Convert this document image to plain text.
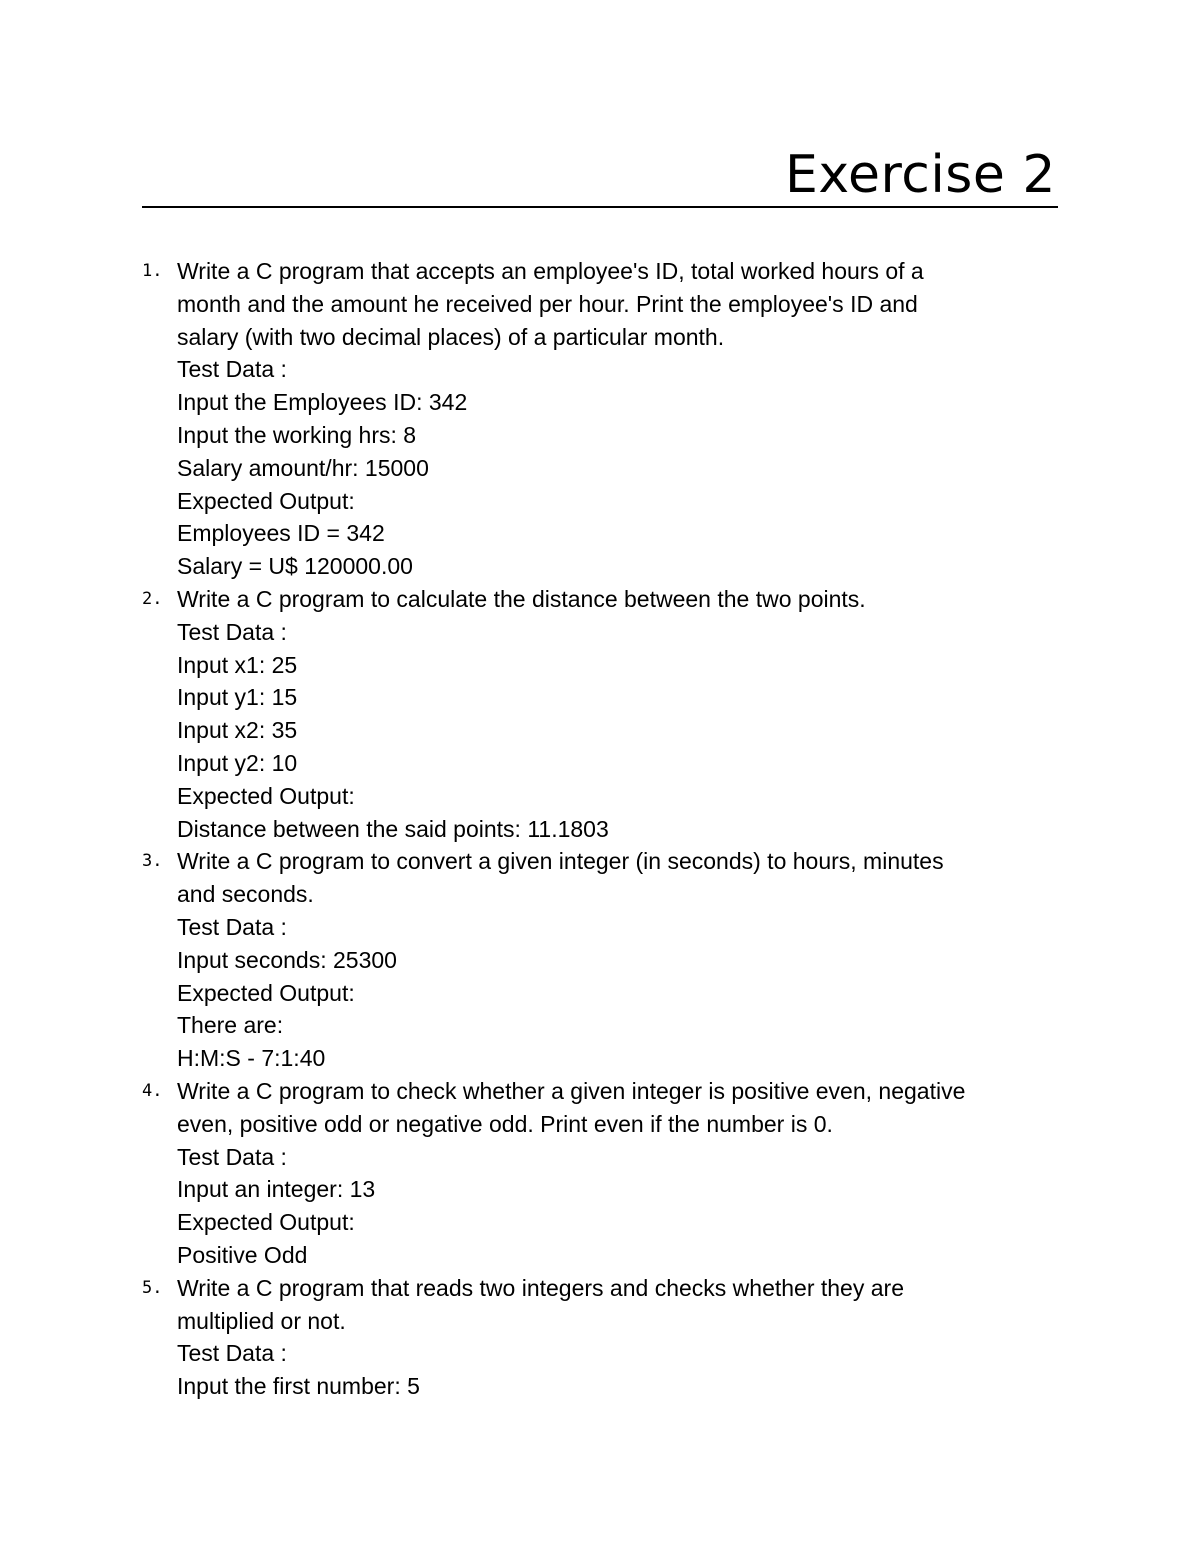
Exercise 2
1. Write a C program that accepts an employee's ID, total worked hours of a
month and the amount he received per hour. Print the employee's ID and
salary (with two decimal places) of a particular month.
Test Data :
Input the Employees ID: 342
Input the working hrs: 8
Salary amount/hr: 15000
Expected Output:
Employees ID = 342
Salary = U$ 120000.00
2. Write a C program to calculate the distance between the two points.
Test Data :
Input x1: 25
Input y1: 15
Input x2: 35
Input y2: 10
Expected Output:
Distance between the said points: 11.1803
3. Write a C program to convert a given integer (in seconds) to hours, minutes
and seconds.
Test Data :
Input seconds: 25300
Expected Output:
There are:
H:M:S - 7:1:40
4. Write a C program to check whether a given integer is positive even, negative
even, positive odd or negative odd. Print even if the number is 0.
Test Data :
Input an integer: 13
Expected Output:
Positive Odd
5. Write a C program that reads two integers and checks whether they are
multiplied or not.
Test Data :
Input the first number: 5
